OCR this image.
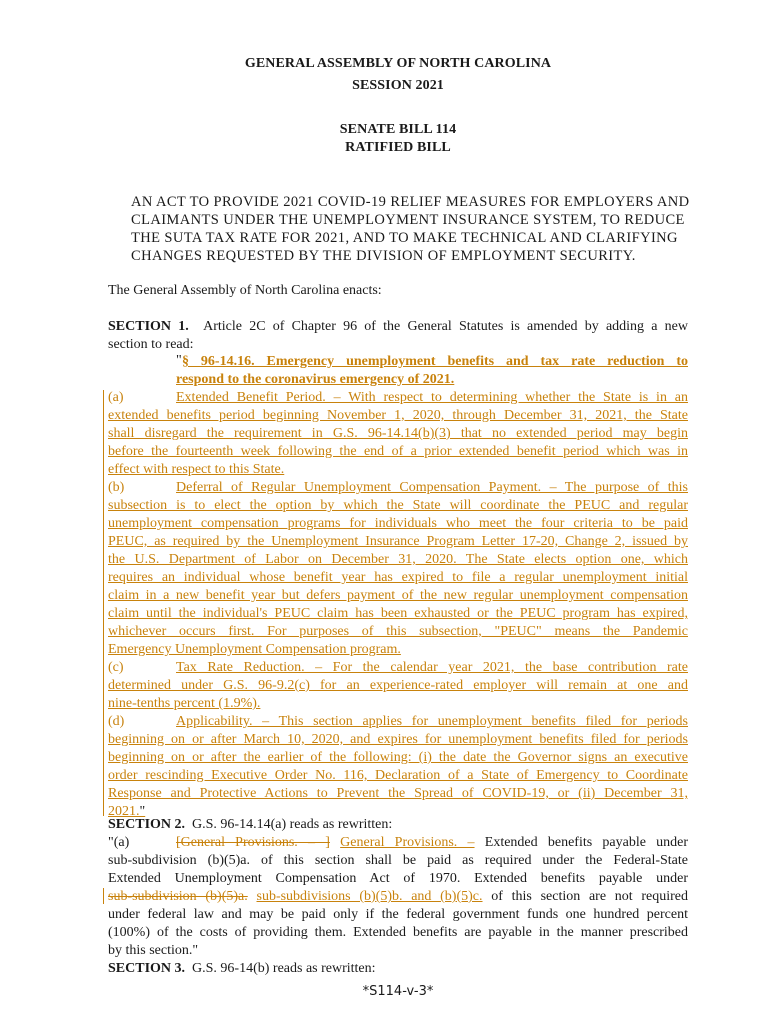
GENERAL ASSEMBLY OF NORTH CAROLINA
SESSION 2021
SENATE BILL 114
RATIFIED BILL
AN ACT TO PROVIDE 2021 COVID-19 RELIEF MEASURES FOR EMPLOYERS AND
CLAIMANTS UNDER THE UNEMPLOYMENT INSURANCE SYSTEM, TO REDUCE
THE SUTA TAX RATE FOR 2021, AND TO MAKE TECHNICAL AND CLARIFYING
CHANGES REQUESTED BY THE DIVISION OF EMPLOYMENT SECURITY.
The General Assembly of North Carolina enacts:
SECTION 1. Article 2C of Chapter 96 of the General Statutes is amended by adding a new
section to read:
" § 96-14.16. Emergency unemployment benefits and tax rate reduction to
respond to the coronavirus emergency of 2021.
(a)	Extended Benefit Period. – With respect to determining whether the State is in an
extended benefits period beginning November 1, 2020, through December 31, 2021, the State
shall disregard the requirement in G.S. 96-14.14(b)(3) that no extended period may begin
before the fourteenth week following the end of a prior extended benefit period which was in
effect with respect to this State.
(b)	Deferral of Regular Unemployment Compensation Payment. – The purpose of this
subsection is to elect the option by which the State will coordinate the PEUC and regular
unemployment compensation programs for individuals who meet the four criteria to be paid
PEUC, as required by the Unemployment Insurance Program Letter 17-20, Change 2, issued by
the U.S. Department of Labor on December 31, 2020. The State elects option one, which
requires an individual whose benefit year has expired to file a regular unemployment initial
claim in a new benefit year but defers payment of the new regular unemployment compensation
claim until the individual's PEUC claim has been exhausted or the PEUC program has expired,
whichever occurs first. For purposes of this subsection, "PEUC" means the Pandemic
Emergency Unemployment Compensation program.
(c)	Tax Rate Reduction. – For the calendar year 2021, the base contribution rate
determined under G.S. 96-9.2(c) for an experience-rated employer will remain at one and
nine-tenths percent (1.9%).
(d)	Applicability. – This section applies for unemployment benefits filed for periods
beginning on or after March 10, 2020, and expires for unemployment benefits filed for periods
beginning on or after the earlier of the following: (i) the date the Governor signs an executive
order rescinding Executive Order No. 116, Declaration of a State of Emergency to Coordinate
Response and Protective Actions to Prevent the Spread of COVID-19, or (ii) December 31,
2021."
SECTION 2. G.S. 96-14.14(a) reads as rewritten:
"(a)	[General Provisions. – ] General Provisions. – Extended benefits payable under
sub-subdivision (b)(5)a. of this section shall be paid as required under the Federal-State
Extended Unemployment Compensation Act of 1970. Extended benefits payable under
sub-subdivision (b)(5)a. sub-subdivisions (b)(5)b. and (b)(5)c. of this section are not required
under federal law and may be paid only if the federal government funds one hundred percent
(100%) of the costs of providing them. Extended benefits are payable in the manner prescribed
by this section."
SECTION 3. G.S. 96-14(b) reads as rewritten:
*S114-v-3*
